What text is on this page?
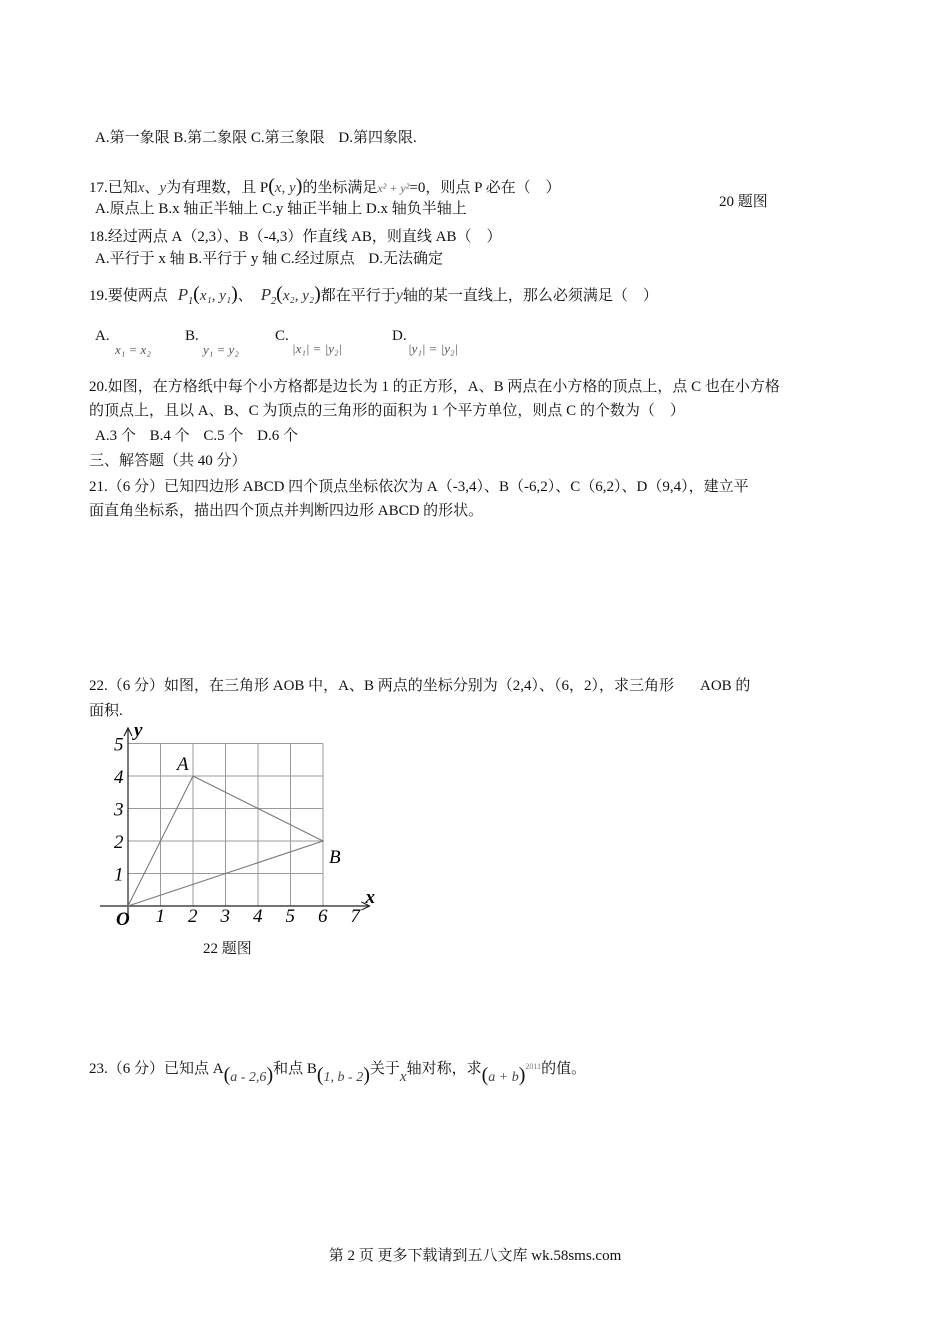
A.第一象限 B.第二象限 C.第三象限 D.第四象限.
17.已知x、y为有理数，且 P(x, y)的坐标满足x² + y²=0，则点 P 必在（　）
A.原点上 B.x 轴正半轴上 C.y 轴正半轴上 D.x 轴负半轴上	20 题图
18.经过两点 A（2,3）、B（-4,3）作直线 AB，则直线 AB（　）
A.平行于 x 轴 B.平行于 y 轴 C.经过原点 D.无法确定
19.要使两点 $P_1(x_1$, y₁)、 $P_2(x_2$, y₂)都在平行于y轴的某一直线上，那么必须满足（　）
A.
x₁ = x₂
B.
y₁ = y₂
C.
|x₁| = |y₂|
D.
|y₁| = |y₂|
20.如图，在方格纸中每个小方格都是边长为 1 的正方形，A、B 两点在小方格的顶点上，点 C 也在小方格
的顶点上，且以 A、B、C 为顶点的三角形的面积为 1 个平方单位，则点 C 的个数为（　）
A.3 个 B.4 个 C.5 个 D.6 个
三、解答题（共 40 分）
21.（6 分）已知四边形 ABCD 四个顶点坐标依次为 A（-3,4）、B（-6,2）、C（6,2）、D（9,4），建立平
面直角坐标系，描出四个顶点并判断四边形 ABCD 的形状。
22.（6 分）如图，在三角形 AOB 中，A、B 两点的坐标分别为（2,4）、（6，2），求三角形 AOB 的
面积.
x
y
O 1 2 3 4 5 6 7
1
2
3
4
5
A
B
22 题图
23.（6 分）已知点 A(a - 2,6)和点 B(1, b - 2)关于x轴对称，求$(a + b)^{2011}$的值。
第 2 页 更多下载请到五八文库 wk.58sms.com
